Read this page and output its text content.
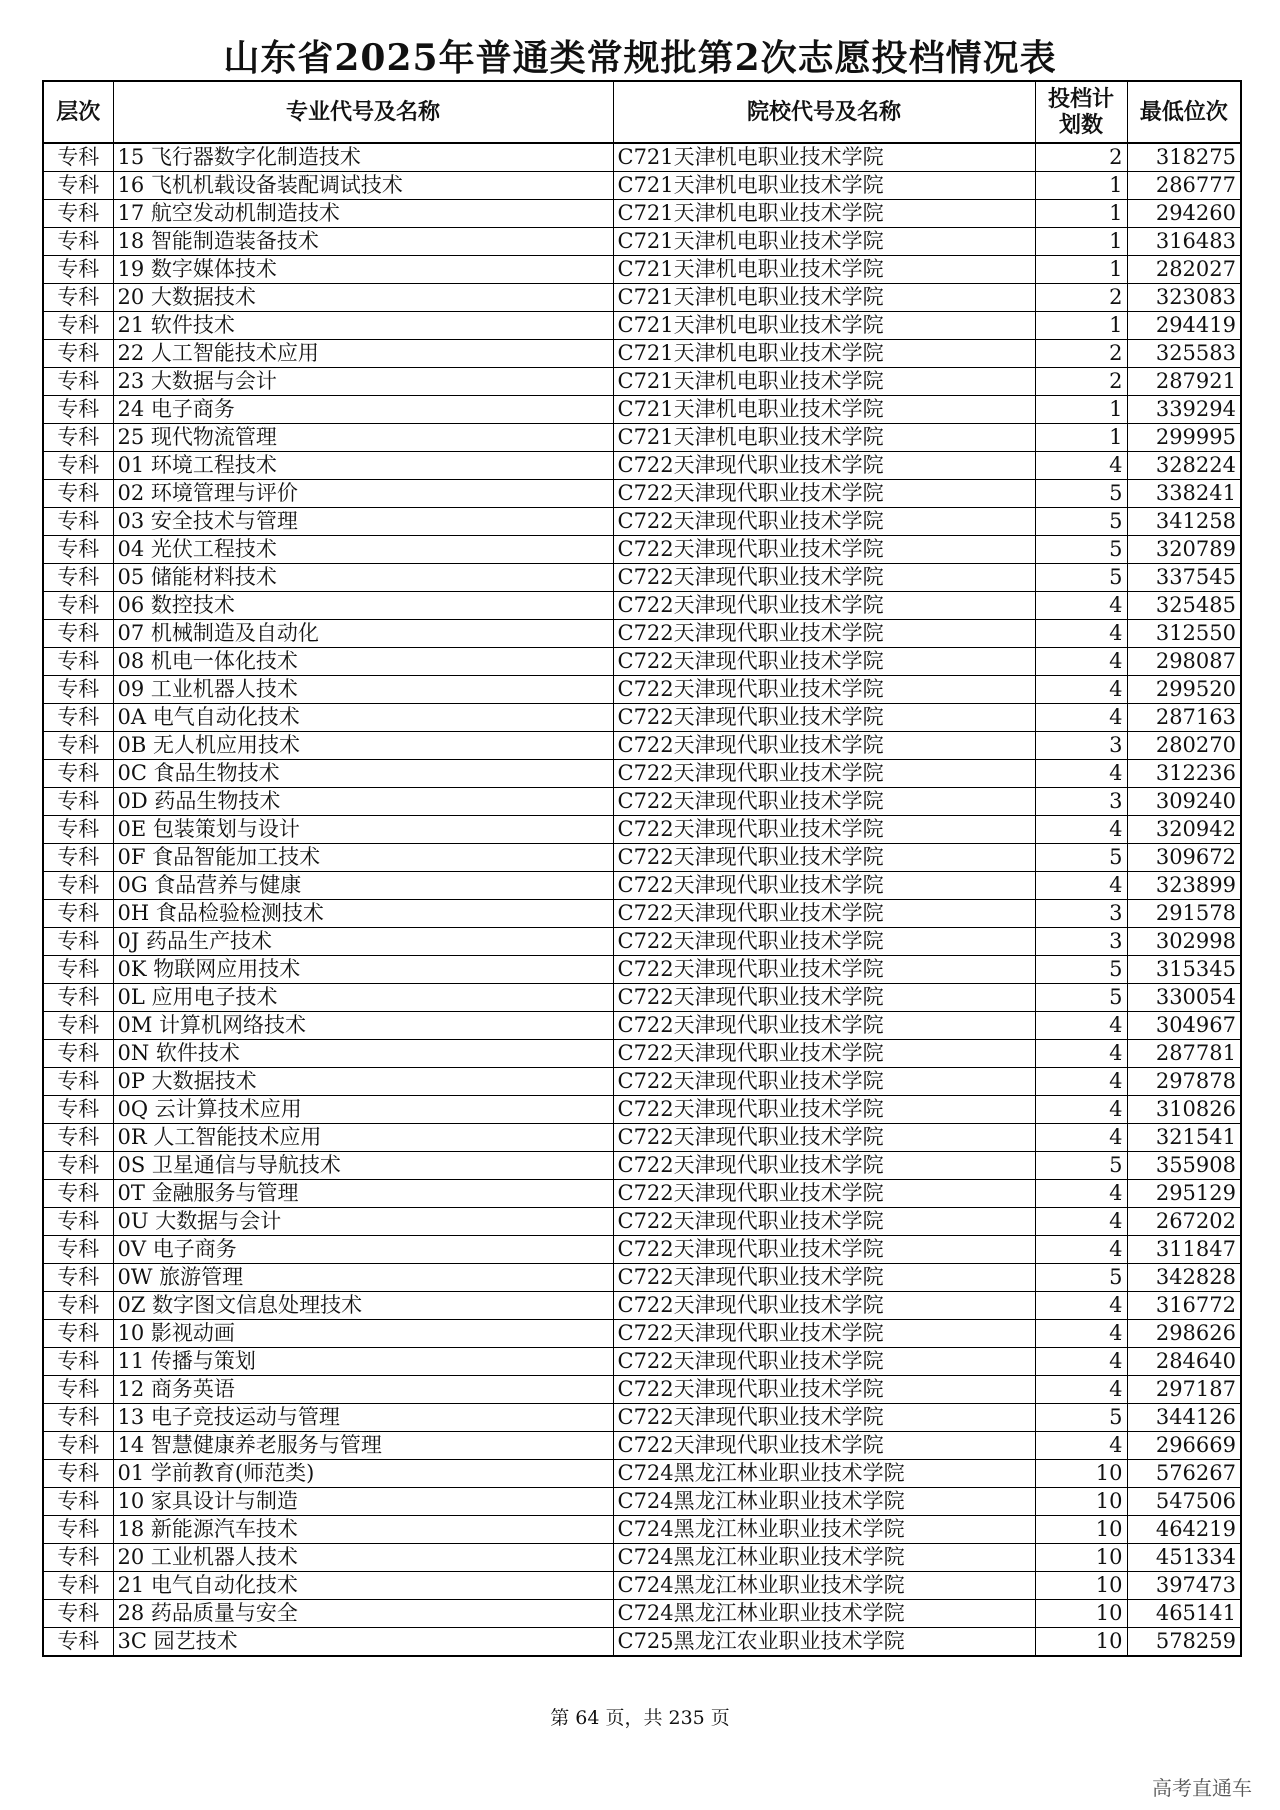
山东省2025年普通类常规批第2次志愿投档情况表
层次	专业代号及名称	院校代号及名称	投档计划数	最低位次
专科	15 飞行器数字化制造技术	C721天津机电职业技术学院	2	318275
专科	16 飞机机载设备装配调试技术	C721天津机电职业技术学院	1	286777
专科	17 航空发动机制造技术	C721天津机电职业技术学院	1	294260
专科	18 智能制造装备技术	C721天津机电职业技术学院	1	316483
专科	19 数字媒体技术	C721天津机电职业技术学院	1	282027
专科	20 大数据技术	C721天津机电职业技术学院	2	323083
专科	21 软件技术	C721天津机电职业技术学院	1	294419
专科	22 人工智能技术应用	C721天津机电职业技术学院	2	325583
专科	23 大数据与会计	C721天津机电职业技术学院	2	287921
专科	24 电子商务	C721天津机电职业技术学院	1	339294
专科	25 现代物流管理	C721天津机电职业技术学院	1	299995
专科	01 环境工程技术	C722天津现代职业技术学院	4	328224
专科	02 环境管理与评价	C722天津现代职业技术学院	5	338241
专科	03 安全技术与管理	C722天津现代职业技术学院	5	341258
专科	04 光伏工程技术	C722天津现代职业技术学院	5	320789
专科	05 储能材料技术	C722天津现代职业技术学院	5	337545
专科	06 数控技术	C722天津现代职业技术学院	4	325485
专科	07 机械制造及自动化	C722天津现代职业技术学院	4	312550
专科	08 机电一体化技术	C722天津现代职业技术学院	4	298087
专科	09 工业机器人技术	C722天津现代职业技术学院	4	299520
专科	0A 电气自动化技术	C722天津现代职业技术学院	4	287163
专科	0B 无人机应用技术	C722天津现代职业技术学院	3	280270
专科	0C 食品生物技术	C722天津现代职业技术学院	4	312236
专科	0D 药品生物技术	C722天津现代职业技术学院	3	309240
专科	0E 包装策划与设计	C722天津现代职业技术学院	4	320942
专科	0F 食品智能加工技术	C722天津现代职业技术学院	5	309672
专科	0G 食品营养与健康	C722天津现代职业技术学院	4	323899
专科	0H 食品检验检测技术	C722天津现代职业技术学院	3	291578
专科	0J 药品生产技术	C722天津现代职业技术学院	3	302998
专科	0K 物联网应用技术	C722天津现代职业技术学院	5	315345
专科	0L 应用电子技术	C722天津现代职业技术学院	5	330054
专科	0M 计算机网络技术	C722天津现代职业技术学院	4	304967
专科	0N 软件技术	C722天津现代职业技术学院	4	287781
专科	0P 大数据技术	C722天津现代职业技术学院	4	297878
专科	0Q 云计算技术应用	C722天津现代职业技术学院	4	310826
专科	0R 人工智能技术应用	C722天津现代职业技术学院	4	321541
专科	0S 卫星通信与导航技术	C722天津现代职业技术学院	5	355908
专科	0T 金融服务与管理	C722天津现代职业技术学院	4	295129
专科	0U 大数据与会计	C722天津现代职业技术学院	4	267202
专科	0V 电子商务	C722天津现代职业技术学院	4	311847
专科	0W 旅游管理	C722天津现代职业技术学院	5	342828
专科	0Z 数字图文信息处理技术	C722天津现代职业技术学院	4	316772
专科	10 影视动画	C722天津现代职业技术学院	4	298626
专科	11 传播与策划	C722天津现代职业技术学院	4	284640
专科	12 商务英语	C722天津现代职业技术学院	4	297187
专科	13 电子竞技运动与管理	C722天津现代职业技术学院	5	344126
专科	14 智慧健康养老服务与管理	C722天津现代职业技术学院	4	296669
专科	01 学前教育(师范类)	C724黑龙江林业职业技术学院	10	576267
专科	10 家具设计与制造	C724黑龙江林业职业技术学院	10	547506
专科	18 新能源汽车技术	C724黑龙江林业职业技术学院	10	464219
专科	20 工业机器人技术	C724黑龙江林业职业技术学院	10	451334
专科	21 电气自动化技术	C724黑龙江林业职业技术学院	10	397473
专科	28 药品质量与安全	C724黑龙江林业职业技术学院	10	465141
专科	3C 园艺技术	C725黑龙江农业职业技术学院	10	578259
第 64 页，共 235 页
高考直通车
